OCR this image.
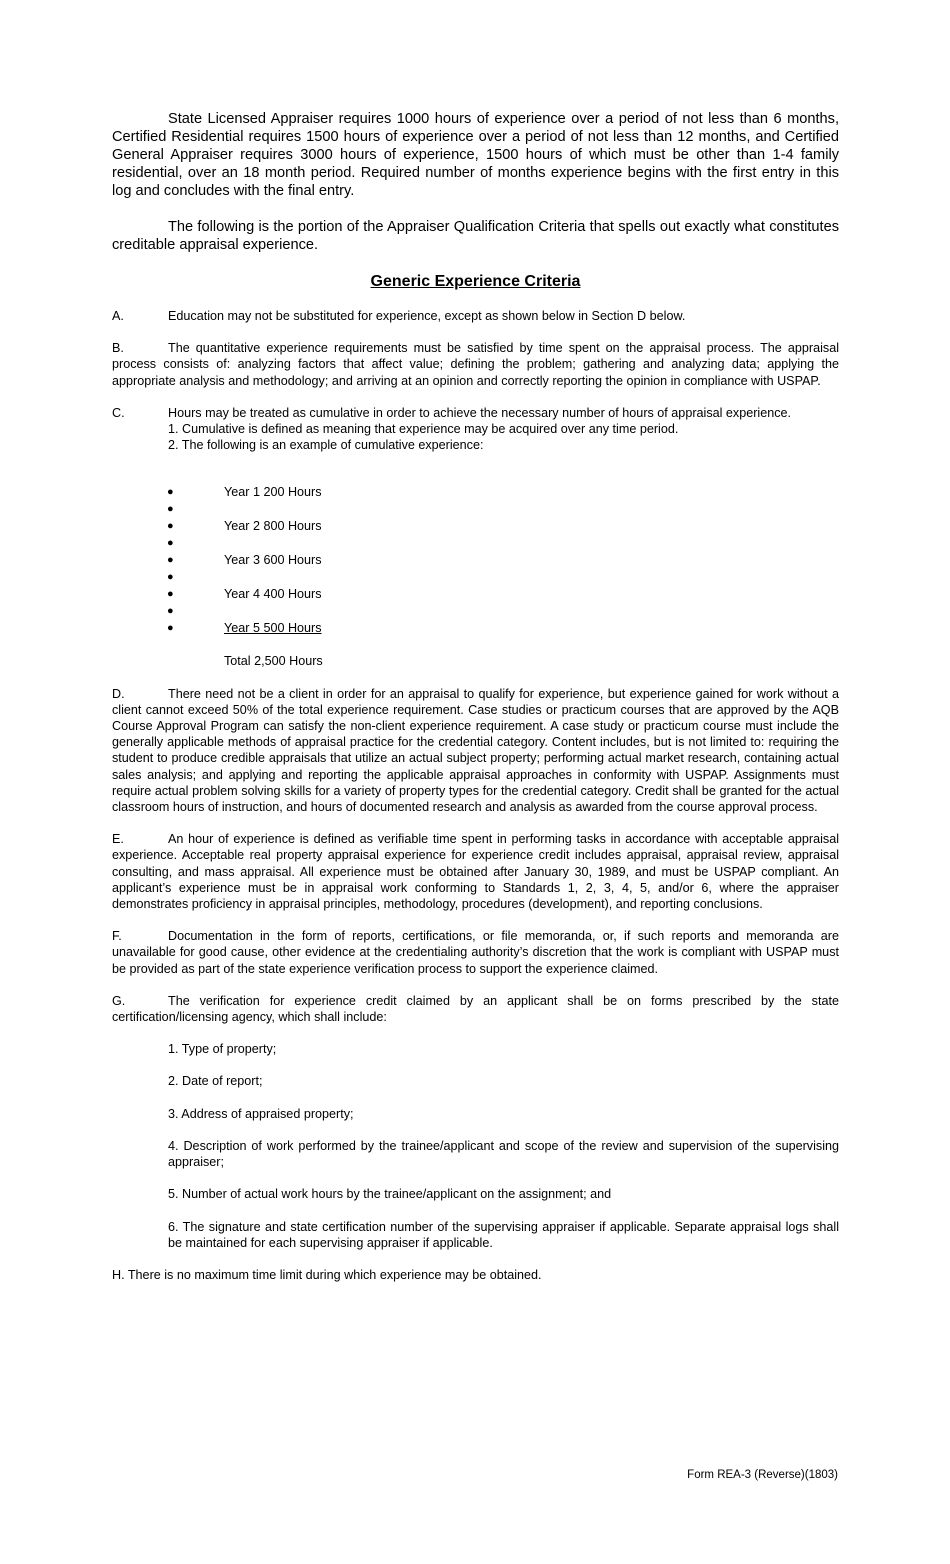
State Licensed Appraiser requires 1000 hours of experience over a period of not less than 6 months, Certified Residential requires 1500 hours of experience over a period of not less than 12 months, and Certified General Appraiser requires 3000 hours of experience, 1500 hours of which must be other than 1-4 family residential, over an 18 month period. Required number of months experience begins with the first entry in this log and concludes with the final entry.

The following is the portion of the Appraiser Qualification Criteria that spells out exactly what constitutes creditable appraisal experience.

Generic Experience Criteria

A.	Education may not be substituted for experience, except as shown below in Section D below.

B.	The quantitative experience requirements must be satisfied by time spent on the appraisal process. The appraisal process consists of: analyzing factors that affect value; defining the problem; gathering and analyzing data; applying the appropriate analysis and methodology; and arriving at an opinion and correctly reporting the opinion in compliance with USPAP.

C.	Hours may be treated as cumulative in order to achieve the necessary number of hours of appraisal experience.

1. Cumulative is defined as meaning that experience may be acquired over any time period.
2. The following is an example of cumulative experience:
●	Year 1 200 Hours
●
●	Year 2 800 Hours
●
●	Year 3 600 Hours
●
●	Year 4 400 Hours
●
●	Year 5 500 Hours
Total 2,500 Hours

D.	There need not be a client in order for an appraisal to qualify for experience, but experience gained for work without a client cannot exceed 50% of the total experience requirement. Case studies or practicum courses that are approved by the AQB Course Approval Program can satisfy the non-client experience requirement. A case study or practicum course must include the generally applicable methods of appraisal practice for the credential category. Content includes, but is not limited to: requiring the student to produce credible appraisals that utilize an actual subject property; performing actual market research, containing actual sales analysis; and applying and reporting the applicable appraisal approaches in conformity with USPAP. Assignments must require actual problem solving skills for a variety of property types for the credential category. Credit shall be granted for the actual classroom hours of instruction, and hours of documented research and analysis as awarded from the course approval process.

E.	An hour of experience is defined as verifiable time spent in performing tasks in accordance with acceptable appraisal experience. Acceptable real property appraisal experience for experience credit includes appraisal, appraisal review, appraisal consulting, and mass appraisal. All experience must be obtained after January 30, 1989, and must be USPAP compliant. An applicant’s experience must be in appraisal work conforming to Standards 1, 2, 3, 4, 5, and/or 6, where the appraiser demonstrates proficiency in appraisal principles, methodology, procedures (development), and reporting conclusions.

F.	Documentation in the form of reports, certifications, or file memoranda, or, if such reports and memoranda are unavailable for good cause, other evidence at the credentialing authority’s discretion that the work is compliant with USPAP must be provided as part of the state experience verification process to support the experience claimed.

G.	The verification for experience credit claimed by an applicant shall be on forms prescribed by the state certification/licensing agency, which shall include:

1. Type of property;
2. Date of report;
3. Address of appraised property;
4. Description of work performed by the trainee/applicant and scope of the review and supervision of the supervising appraiser;
5. Number of actual work hours by the trainee/applicant on the assignment; and
6. The signature and state certification number of the supervising appraiser if applicable. Separate appraisal logs shall be maintained for each supervising appraiser if applicable.

H. There is no maximum time limit during which experience may be obtained.

Form REA-3 (Reverse)(1803)
